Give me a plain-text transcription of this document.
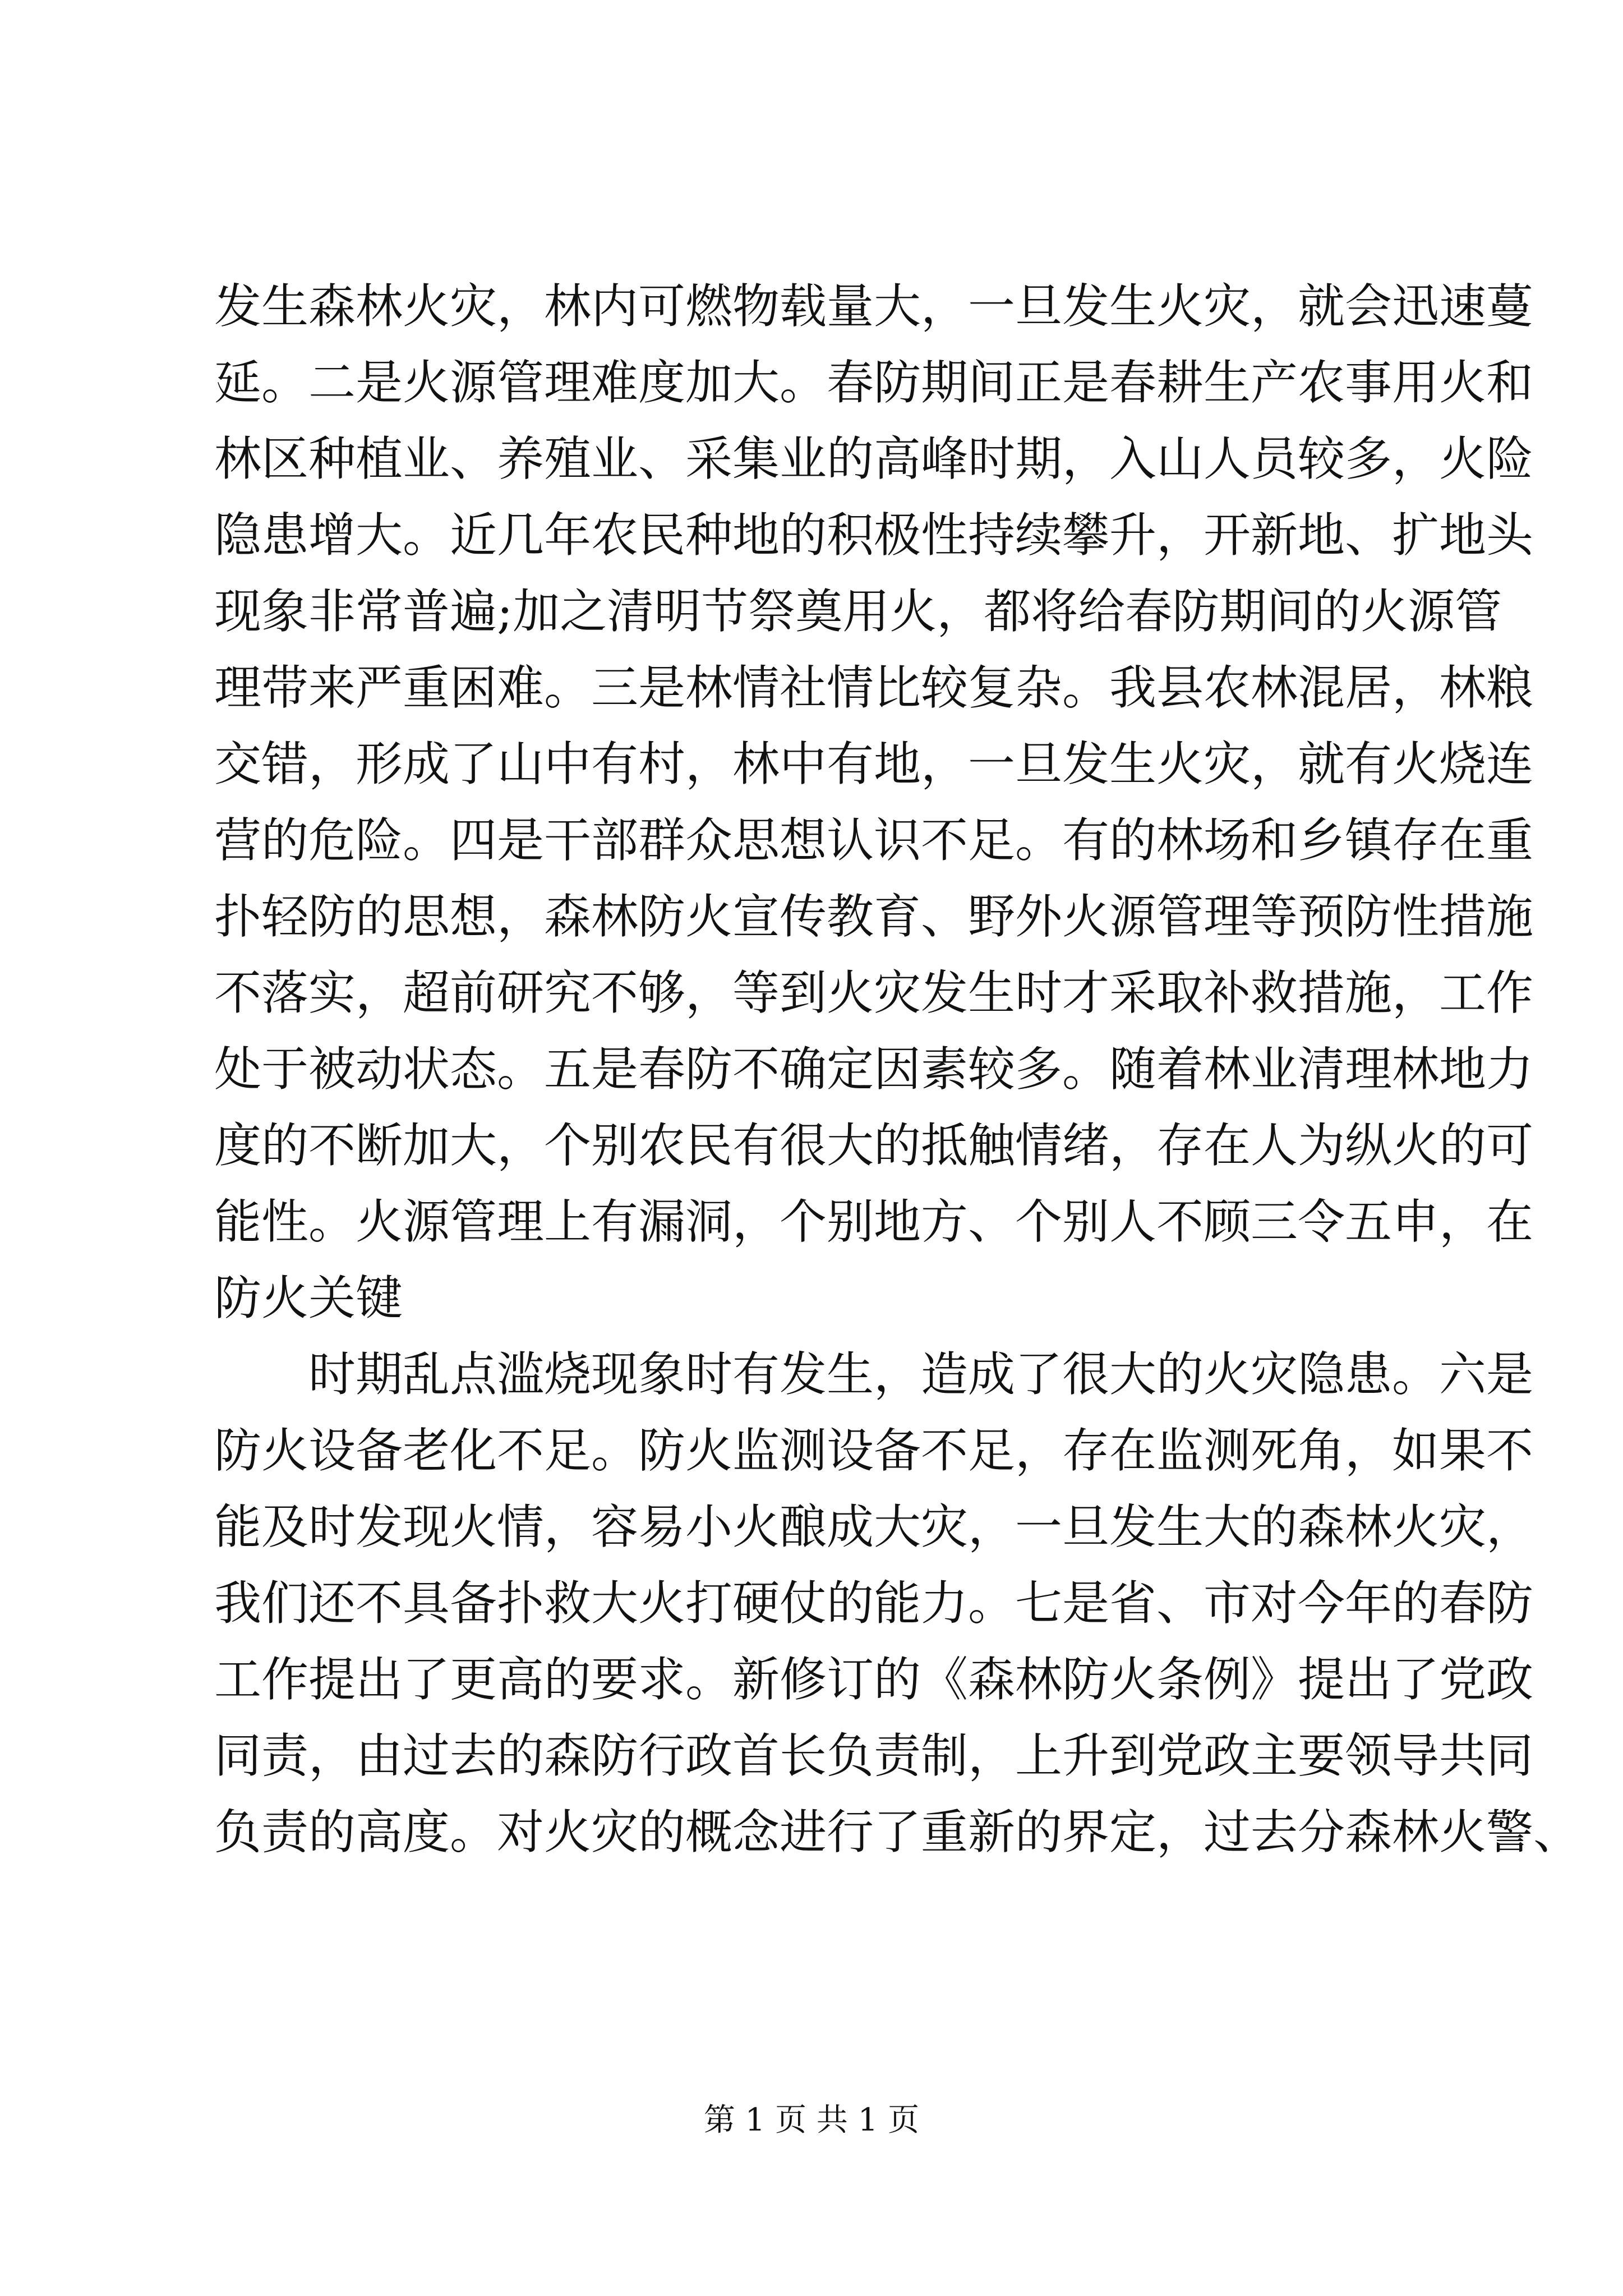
发生森林火灾，林内可燃物载量大，一旦发生火灾，就会迅速蔓
延。二是火源管理难度加大。春防期间正是春耕生产农事用火和
林区种植业、养殖业、采集业的高峰时期，入山人员较多，火险
隐患增大。近几年农民种地的积极性持续攀升，开新地、扩地头
现象非常普遍;加之清明节祭奠用火，都将给春防期间的火源管
理带来严重困难。三是林情社情比较复杂。我县农林混居，林粮
交错，形成了山中有村，林中有地，一旦发生火灾，就有火烧连
营的危险。四是干部群众思想认识不足。有的林场和乡镇存在重
扑轻防的思想，森林防火宣传教育、野外火源管理等预防性措施
不落实，超前研究不够，等到火灾发生时才采取补救措施，工作
处于被动状态。五是春防不确定因素较多。随着林业清理林地力
度的不断加大，个别农民有很大的抵触情绪，存在人为纵火的可
能性。火源管理上有漏洞，个别地方、个别人不顾三令五申，在
防火关键
时期乱点滥烧现象时有发生，造成了很大的火灾隐患。六是
防火设备老化不足。防火监测设备不足，存在监测死角，如果不
能及时发现火情，容易小火酿成大灾，一旦发生大的森林火灾，
我们还不具备扑救大火打硬仗的能力。七是省、市对今年的春防
工作提出了更高的要求。新修订的《森林防火条例》提出了党政
同责，由过去的森防行政首长负责制，上升到党政主要领导共同
负责的高度。对火灾的概念进行了重新的界定，过去分森林火警、
第 1 页 共 1 页
